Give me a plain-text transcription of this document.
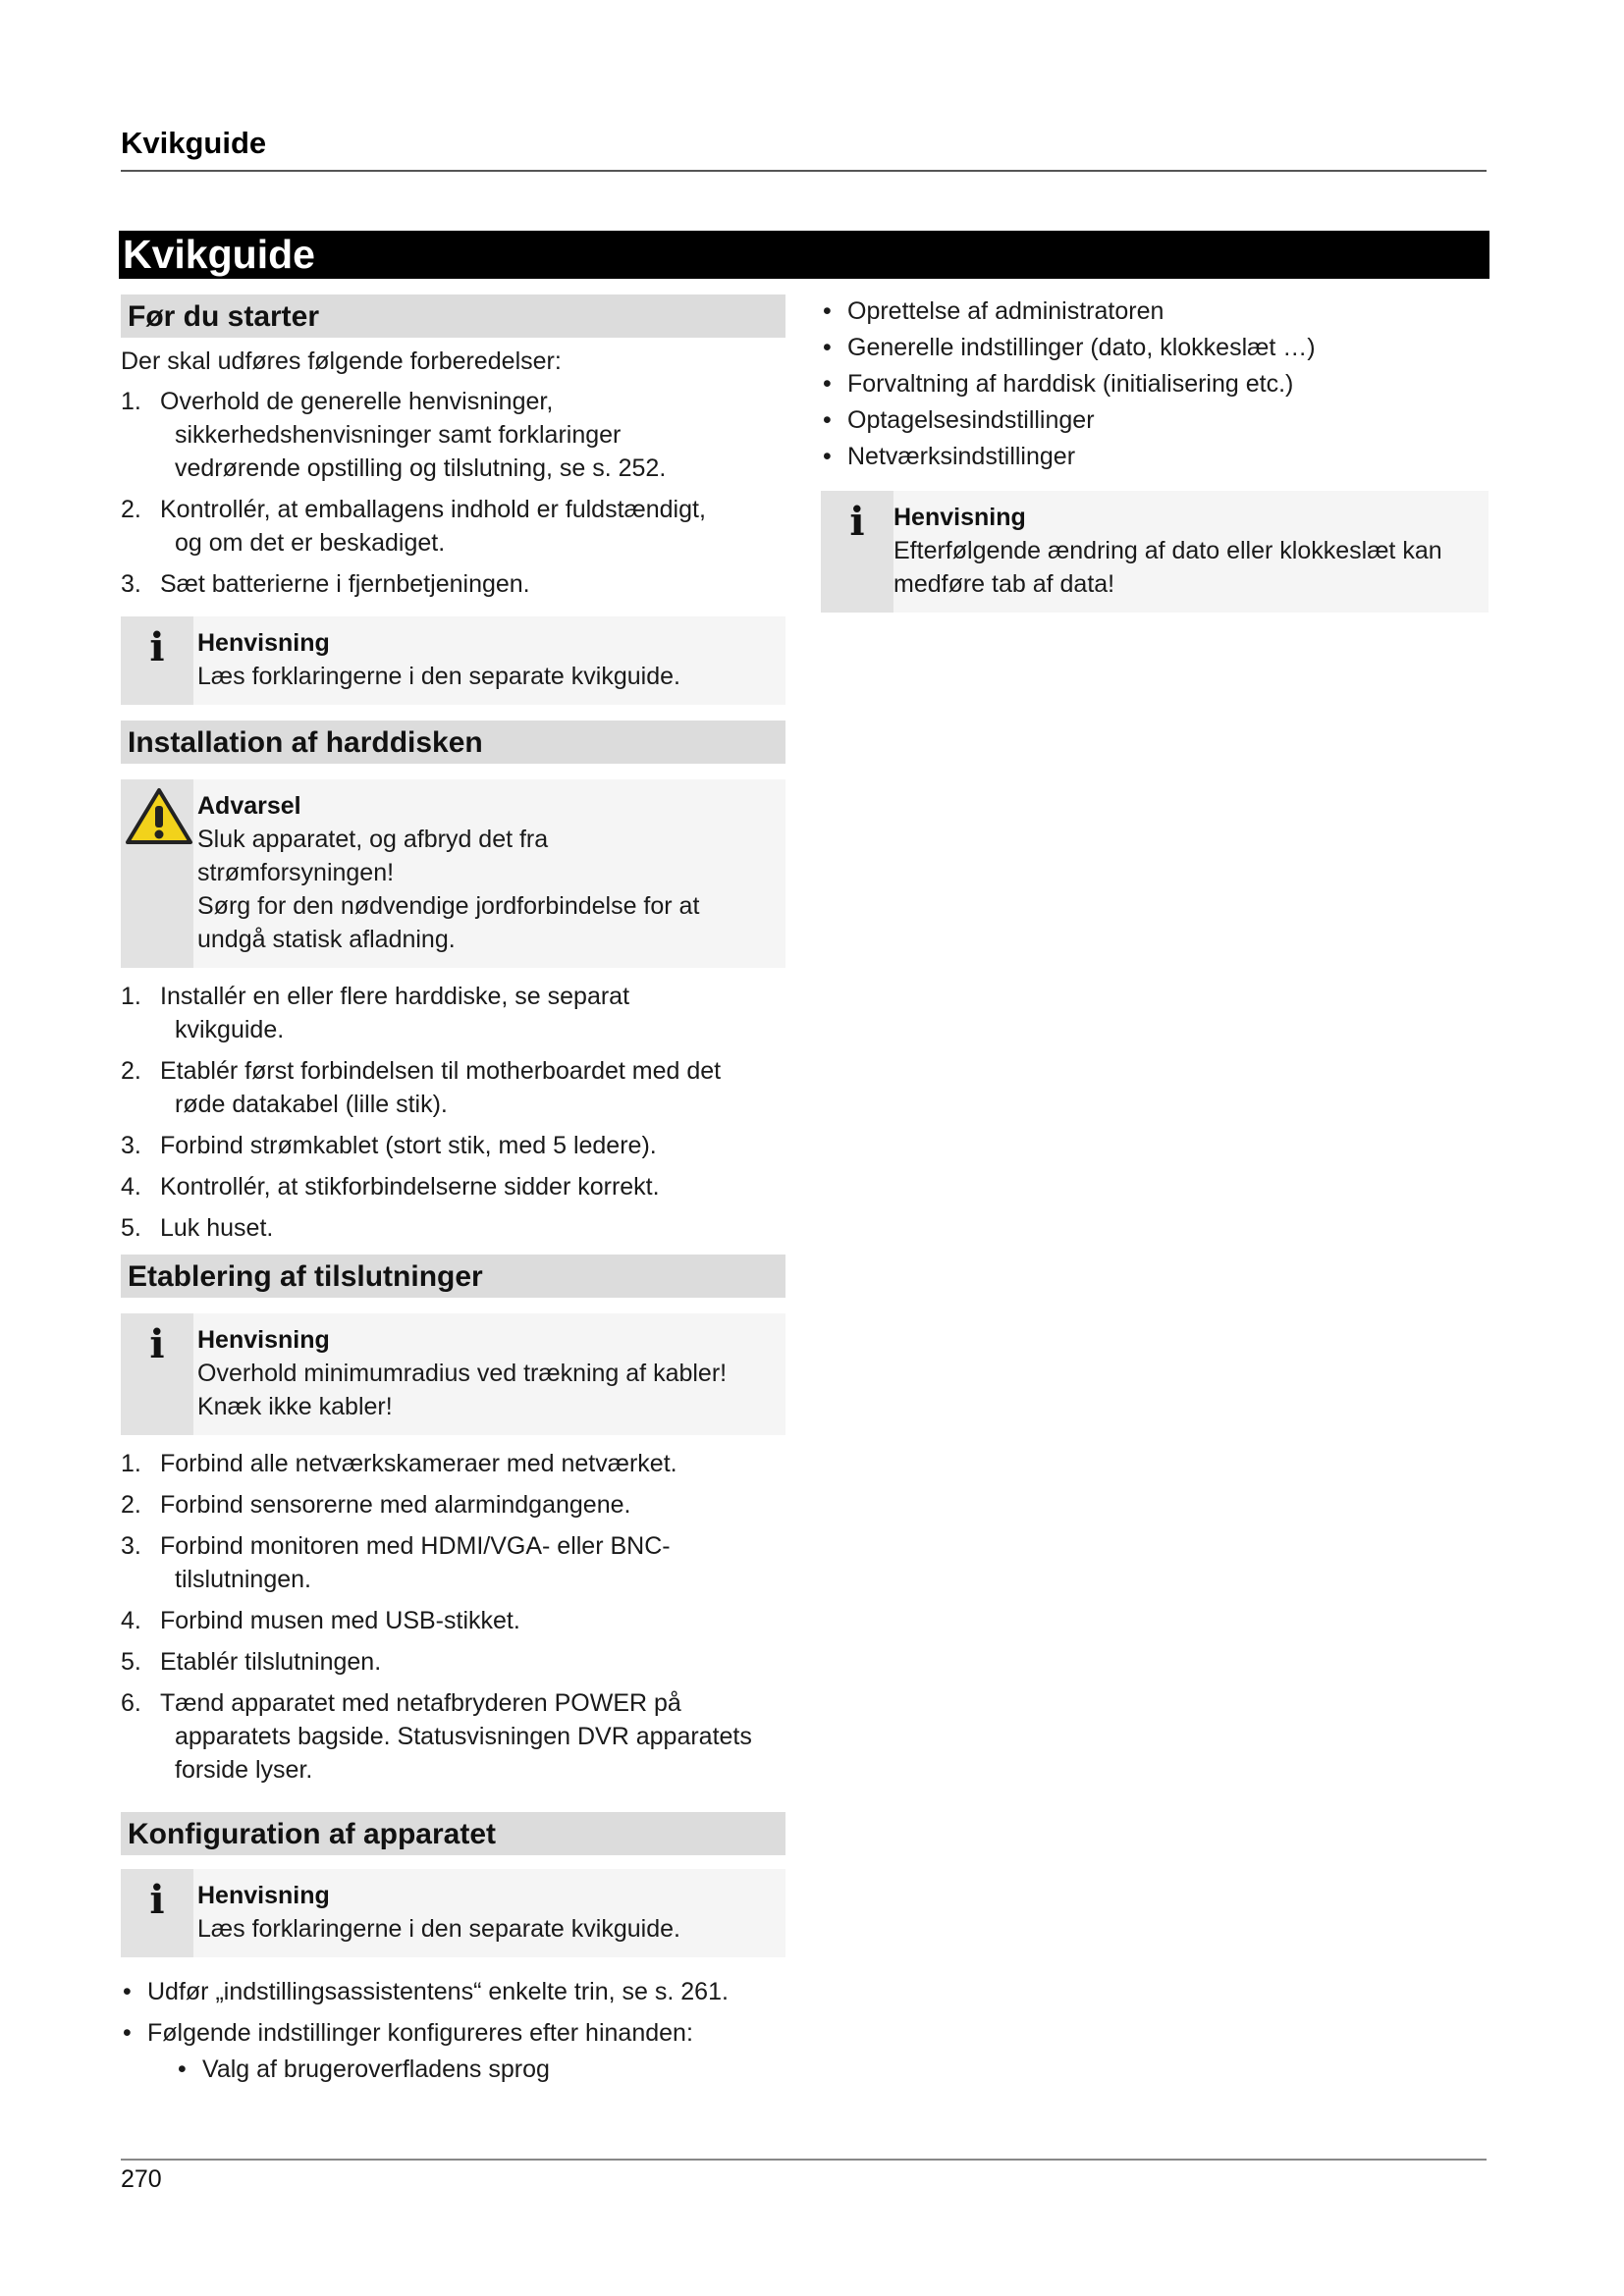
Kvikguide
Kvikguide
Før du starter
Der skal udføres følgende forberedelser:
1. Overhold de generelle henvisninger,
sikkerhedshenvisninger samt forklaringer
vedrørende opstilling og tilslutning, se s. 252.
2. Kontrollér, at emballagens indhold er fuldstændigt,
og om det er beskadiget.
3. Sæt batterierne i fjernbetjeningen.
i	Henvisning
Læs forklaringerne i den separate kvikguide.
Installation af harddisken
Advarsel
Sluk apparatet, og afbryd det fra
strømforsyningen!
Sørg for den nødvendige jordforbindelse for at
undgå statisk afladning.
1. Installér en eller flere harddiske, se separat
kvikguide.
2. Etablér først forbindelsen til motherboardet med det
røde datakabel (lille stik).
3. Forbind strømkablet (stort stik, med 5 ledere).
4. Kontrollér, at stikforbindelserne sidder korrekt.
5. Luk huset.
Etablering af tilslutninger
i	Henvisning
Overhold minimumradius ved trækning af kabler!
Knæk ikke kabler!
1. Forbind alle netværkskameraer med netværket.
2. Forbind sensorerne med alarmindgangene.
3. Forbind monitoren med HDMI/VGA- eller BNC-
tilslutningen.
4. Forbind musen med USB-stikket.
5. Etablér tilslutningen.
6. Tænd apparatet med netafbryderen POWER på
apparatets bagside. Statusvisningen DVR apparatets
forside lyser.
Konfiguration af apparatet
i	Henvisning
Læs forklaringerne i den separate kvikguide.
• Udfør „indstillingsassistentens“ enkelte trin, se s. 261.
• Følgende indstillinger konfigureres efter hinanden:
• Valg af brugeroverfladens sprog
• Oprettelse af administratoren
• Generelle indstillinger (dato, klokkeslæt …)
• Forvaltning af harddisk (initialisering etc.)
• Optagelsesindstillinger
• Netværksindstillinger
i	Henvisning
Efterfølgende ændring af dato eller klokkeslæt kan
medføre tab af data!
270
